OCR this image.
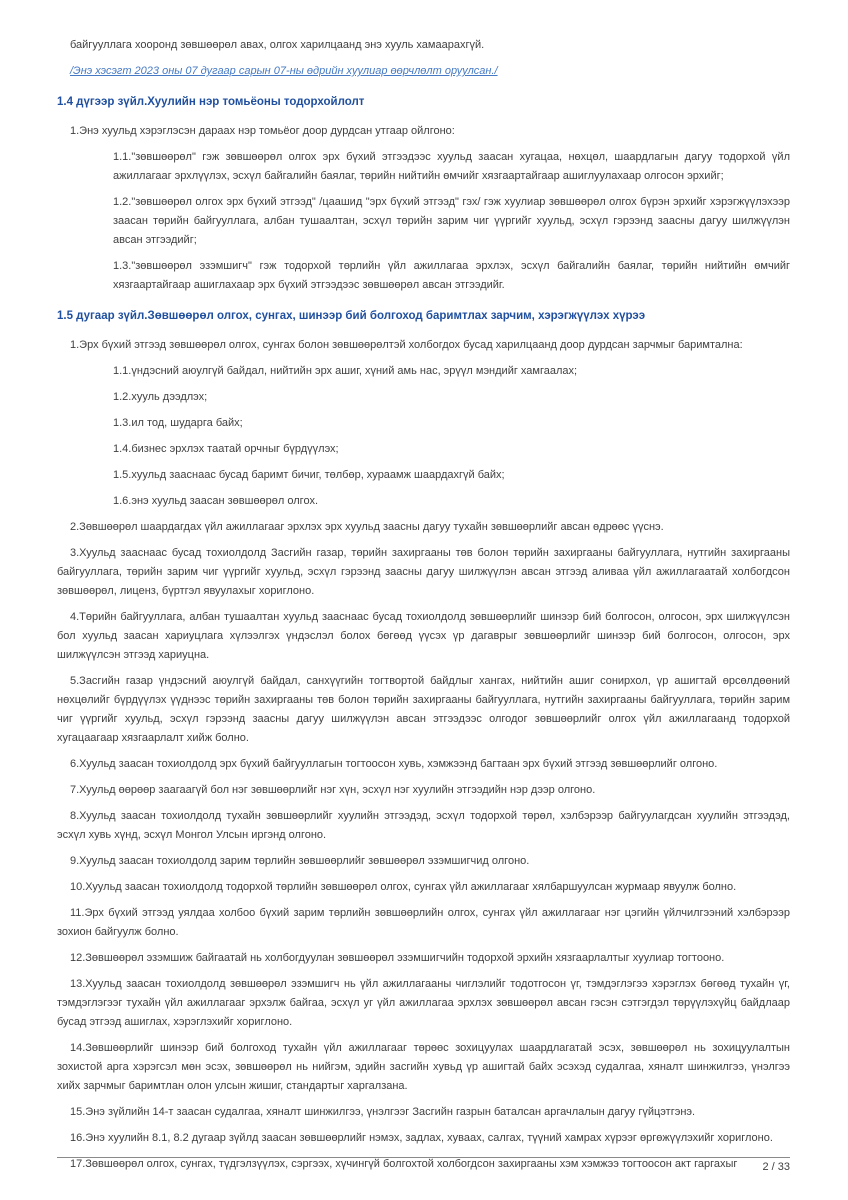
байгууллага хооронд зөвшөөрөл авах, олгох харилцаанд энэ хууль хамаарахгүй.
/Энэ хэсэгт 2023 оны 07 дугаар сарын 07-ны өдрийн хуулиар өөрчлөлт оруулсан./
1.4 дүгээр зүйл.Хуулийн нэр томьёоны тодорхойлолт
1.Энэ хуульд хэрэглэсэн дараах нэр томьёог доор дурдсан утгаар ойлгоно:
1.1."зөвшөөрөл" гэж зөвшөөрөл олгох эрх бүхий этгээдээс хуульд заасан хугацаа, нөхцөл, шаардлагын дагуу тодорхой үйл ажиллагааг эрхлүүлэх, эсхүл байгалийн баялаг, төрийн нийтийн өмчийг хязгаартайгаар ашиглуулахаар олгосон эрхийг;
1.2."зөвшөөрөл олгох эрх бүхий этгээд" /цаашид "эрх бүхий этгээд" гэх/ гэж хуулиар зөвшөөрөл олгох бүрэн эрхийг хэрэгжүүлэхээр заасан төрийн байгууллага, албан тушаалтан, эсхүл төрийн зарим чиг үүргийг хуульд, эсхүл гэрээнд заасны дагуу шилжүүлэн авсан этгээдийг;
1.3."зөвшөөрөл эзэмшигч" гэж тодорхой төрлийн үйл ажиллагаа эрхлэх, эсхүл байгалийн баялаг, төрийн нийтийн өмчийг хязгаартайгаар ашиглахаар эрх бүхий этгээдээс зөвшөөрөл авсан этгээдийг.
1.5 дугаар зүйл.Зөвшөөрөл олгох, сунгах, шинээр бий болгоход баримтлах зарчим, хэрэгжүүлэх хүрээ
1.Эрх бүхий этгээд зөвшөөрөл олгох, сунгах болон зөвшөөрөлтэй холбогдох бусад харилцаанд доор дурдсан зарчмыг баримтална:
1.1.үндэсний аюулгүй байдал, нийтийн эрх ашиг, хүний амь нас, эрүүл мэндийг хамгаалах;
1.2.хууль дээдлэх;
1.3.ил тод, шударга байх;
1.4.бизнес эрхлэх таатай орчныг бүрдүүлэх;
1.5.хуульд зааснаас бусад баримт бичиг, төлбөр, хураамж шаардахгүй байх;
1.6.энэ хуульд заасан зөвшөөрөл олгох.
2.Зөвшөөрөл шаардагдах үйл ажиллагааг эрхлэх эрх хуульд заасны дагуу тухайн зөвшөөрлийг авсан өдрөөс үүснэ.
3.Хуульд зааснаас бусад тохиолдолд Засгийн газар, төрийн захиргааны төв болон төрийн захиргааны байгууллага, нутгийн захиргааны байгууллага, төрийн зарим чиг үүргийг хуульд, эсхүл гэрээнд заасны дагуу шилжүүлэн авсан этгээд аливаа үйл ажиллагаатай холбогдсон зөвшөөрөл, лиценз, бүртгэл явуулахыг хориглоно.
4.Төрийн байгууллага, албан тушаалтан хуульд зааснаас бусад тохиолдолд зөвшөөрлийг шинээр бий болгосон, олгосон, эрх шилжүүлсэн бол хуульд заасан хариуцлага хүлээлгэх үндэслэл болох бөгөөд үүсэх үр дагаврыг зөвшөөрлийг шинээр бий болгосон, олгосон, эрх шилжүүлсэн этгээд хариуцна.
5.Засгийн газар үндэсний аюулгүй байдал, санхүүгийн тогтвортой байдлыг хангах, нийтийн ашиг сонирхол, үр ашигтай өрсөлдөөний нөхцөлийг бүрдүүлэх үүднээс төрийн захиргааны төв болон төрийн захиргааны байгууллага, нутгийн захиргааны байгууллага, төрийн зарим чиг үүргийг хуульд, эсхүл гэрээнд заасны дагуу шилжүүлэн авсан этгээдээс олгодог зөвшөөрлийг олгох үйл ажиллагаанд тодорхой хугацаагаар хязгаарлалт хийж болно.
6.Хуульд заасан тохиолдолд эрх бүхий байгууллагын тогтоосон хувь, хэмжээнд багтаан эрх бүхий этгээд зөвшөөрлийг олгоно.
7.Хуульд өөрөөр заагаагүй бол нэг зөвшөөрлийг нэг хүн, эсхүл нэг хуулийн этгээдийн нэр дээр олгоно.
8.Хуульд заасан тохиолдолд тухайн зөвшөөрлийг хуулийн этгээдэд, эсхүл тодорхой төрөл, хэлбэрээр байгуулагдсан хуулийн этгээдэд, эсхүл хувь хүнд, эсхүл Монгол Улсын иргэнд олгоно.
9.Хуульд заасан тохиолдолд зарим төрлийн зөвшөөрлийг зөвшөөрөл эзэмшигчид олгоно.
10.Хуульд заасан тохиолдолд тодорхой төрлийн зөвшөөрөл олгох, сунгах үйл ажиллагааг хялбаршуулсан журмаар явуулж болно.
11.Эрх бүхий этгээд уялдаа холбоо бүхий зарим төрлийн зөвшөөрлийн олгох, сунгах үйл ажиллагааг нэг цэгийн үйлчилгээний хэлбэрээр зохион байгуулж болно.
12.Зөвшөөрөл эзэмшиж байгаатай нь холбогдуулан зөвшөөрөл эзэмшигчийн тодорхой эрхийн хязгаарлалтыг хуулиар тогтооно.
13.Хуульд заасан тохиолдолд зөвшөөрөл эзэмшигч нь үйл ажиллагааны чиглэлийг тодотгосон үг, тэмдэглэгээ хэрэглэх бөгөөд тухайн үг, тэмдэглэгээг тухайн үйл ажиллагааг эрхэлж байгаа, эсхүл уг үйл ажиллагаа эрхлэх зөвшөөрөл авсан гэсэн сэтгэгдэл төрүүлэхүйц байдлаар бусад этгээд ашиглах, хэрэглэхийг хориглоно.
14.Зөвшөөрлийг шинээр бий болгоход тухайн үйл ажиллагааг төрөөс зохицуулах шаардлагатай эсэх, зөвшөөрөл нь зохицуулалтын зохистой арга хэрэгсэл мөн эсэх, зөвшөөрөл нь нийгэм, эдийн засгийн хувьд үр ашигтай байх эсэхэд судалгаа, хяналт шинжилгээ, үнэлгээ хийх зарчмыг баримтлан олон улсын жишиг, стандартыг харгалзана.
15.Энэ зүйлийн 14-т заасан судалгаа, хяналт шинжилгээ, үнэлгээг Засгийн газрын баталсан аргачлалын дагуу гүйцэтгэнэ.
16.Энэ хуулийн 8.1, 8.2 дугаар зүйлд заасан зөвшөөрлийг нэмэх, задлах, хуваах, салгах, түүний хамрах хүрээг өргөжүүлэхийг хориглоно.
17.Зөвшөөрөл олгох, сунгах, түдгэлзүүлэх, сэргээх, хүчингүй болгохтой холбогдсон захиргааны хэм хэмжээ тогтоосон акт гаргахыг	2 / 33
